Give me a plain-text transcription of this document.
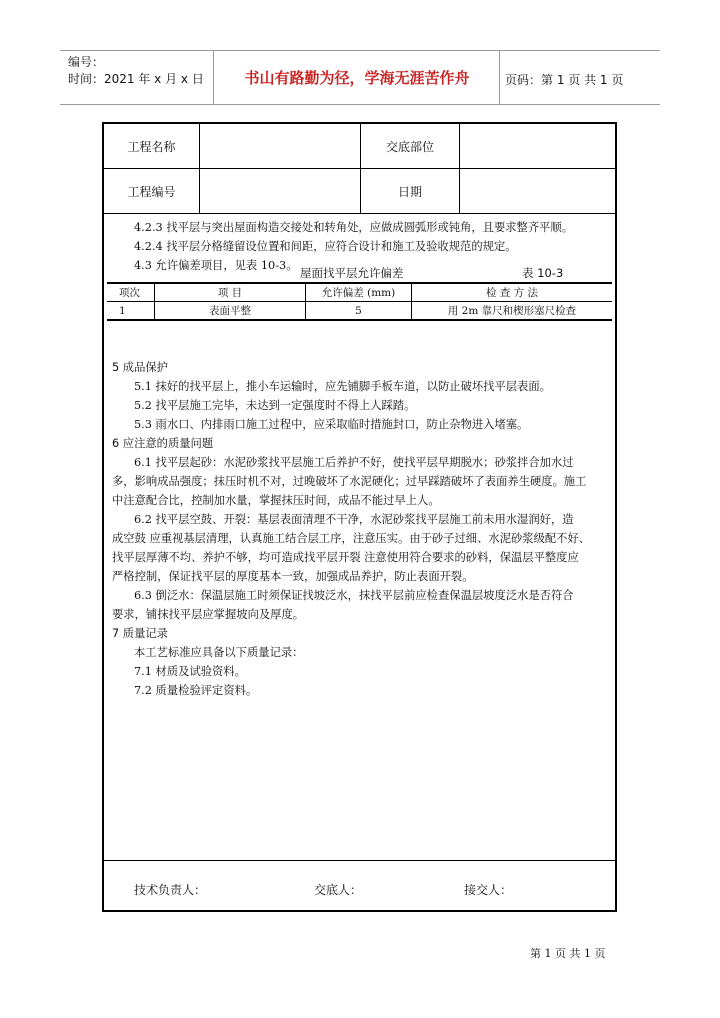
编号：
时间：2021 年 x 月 x 日	书山有路勤为径，学海无涯苦作舟	页码：第 1 页 共 1 页
工程名称		交底部位	
工程编号		日期	
4.2.3 找平层与突出屋面构造交接处和转角处，应做成圆弧形或钝角，且要求整齐平顺。
4.2.4 找平层分格缝留设位置和间距，应符合设计和施工及验收规范的规定。
4.3 允许偏差项目，见表 10-3。
屋面找平层允许偏差	表 10-3
项次	项 目	允许偏差 (mm)	检 查 方 法
1	表面平整	5	用 2m 靠尺和楔形塞尺检查
5 成品保护
5.1 抹好的找平层上，推小车运输时，应先铺脚手板车道，以防止破坏找平层表面。
5.2 找平层施工完毕，未达到一定强度时不得上人踩踏。
5.3 雨水口、内排雨口施工过程中，应采取临时措施封口，防止杂物进入堵塞。
6 应注意的质量问题
6.1 找平层起砂：水泥砂浆找平层施工后养护不好，使找平层早期脱水；砂浆拌合加水过
多，影响成品强度；抹压时机不对，过晚破坏了水泥硬化；过早踩踏破坏了表面养生硬度。施工
中注意配合比，控制加水量，掌握抹压时间，成品不能过早上人。
6.2 找平层空鼓、开裂：基层表面清理不干净，水泥砂浆找平层施工前未用水湿润好，造
成空鼓 应重视基层清理，认真施工结合层工序，注意压实。由于砂子过细、水泥砂浆级配不好、
找平层厚薄不均、养护不够，均可造成找平层开裂 注意使用符合要求的砂料，保温层平整度应
严格控制，保证找平层的厚度基本一致，加强成品养护，防止表面开裂。
6.3 倒泛水：保温层施工时须保证找坡泛水，抹找平层前应检查保温层坡度泛水是否符合
要求，铺抹找平层应掌握坡向及厚度。
7 质量记录
本工艺标准应具备以下质量记录：
7.1 材质及试验资料。
7.2 质量检验评定资料。
技术负责人：	交底人：	接交人：
第 1 页 共 1 页
